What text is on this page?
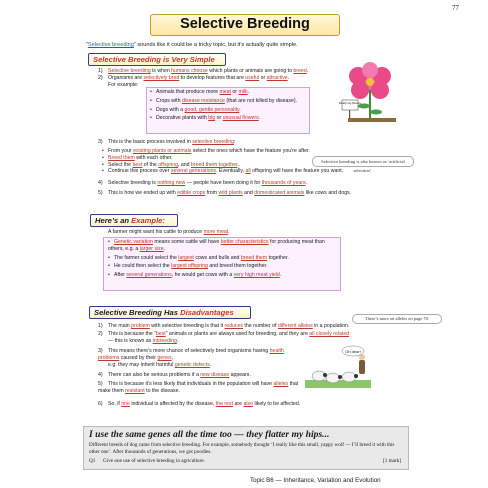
77
Selective Breeding
“Selective breeding” sounds like it could be a tricky topic, but it’s actually quite simple.
Selective Breeding is Very Simple
1) Selective breeding is when humans choose which plants or animals are going to breed.
2) Organisms are selectively bred to develop features that are useful or attractive.
For example:
• Animals that produce more meat or milk.
• Crops with disease resistance (that are not killed by disease).
• Dogs with a good, gentle personality.
• Decorative plants with big or unusual flowers.
Really big flowers
3) This is the basic process involved in selective breeding:
• From your existing plants or animals select the ones which have the feature you’re after.
• Breed them with each other.
• Select the best of the offspring, and breed them together.
• Continue this process over several generations. Eventually, all offspring will have the feature you want.
Selective breeding is also known as ‘artificial selection’.
4) Selective breeding is nothing new — people have been doing it for thousands of years.
5) This is how we ended up with edible crops from wild plants and domesticated animals like cows and dogs.
Here’s an Example:
A farmer might want his cattle to produce more meat.
• Genetic variation means some cattle will have better characteristics for producing meat than others, e.g. a larger size.
• The farmer could select the largest cows and bulls and breed them together.
• He could then select the largest offspring and breed them together.
• After several generations, he would get cows with a very high meat yield.
Selective Breeding Has Disadvantages
There’s more on alleles on page 70.
1) The main problem with selective breeding is that it reduces the number of different alleles in a population.
2) This is because the “best” animals or plants are always used for breeding, and they are all closely related
— this is known as inbreeding.
3) This means there’s more chance of selectively bred organisms having health problems caused by their genes,
e.g. they may inherit harmful genetic defects.
4) There can also be serious problems if a new disease appears.
5) This is because it’s less likely that individuals in the population will have alleles that make them resistant to the disease.
6) So, if one individual is affected by the disease, the rest are also likely to be affected.
Oh dear!
I use the same genes all the time too — they flatter my hips...
Different breeds of dog came from selective breeding. For example, somebody thought ‘I really like this small, yappy wolf — I’ll breed it with this other one’. After thousands of generations, we got poodles.
Q1 Give one use of selective breeding in agriculture.	[1 mark]
Topic B6 — Inheritance, Variation and Evolution
